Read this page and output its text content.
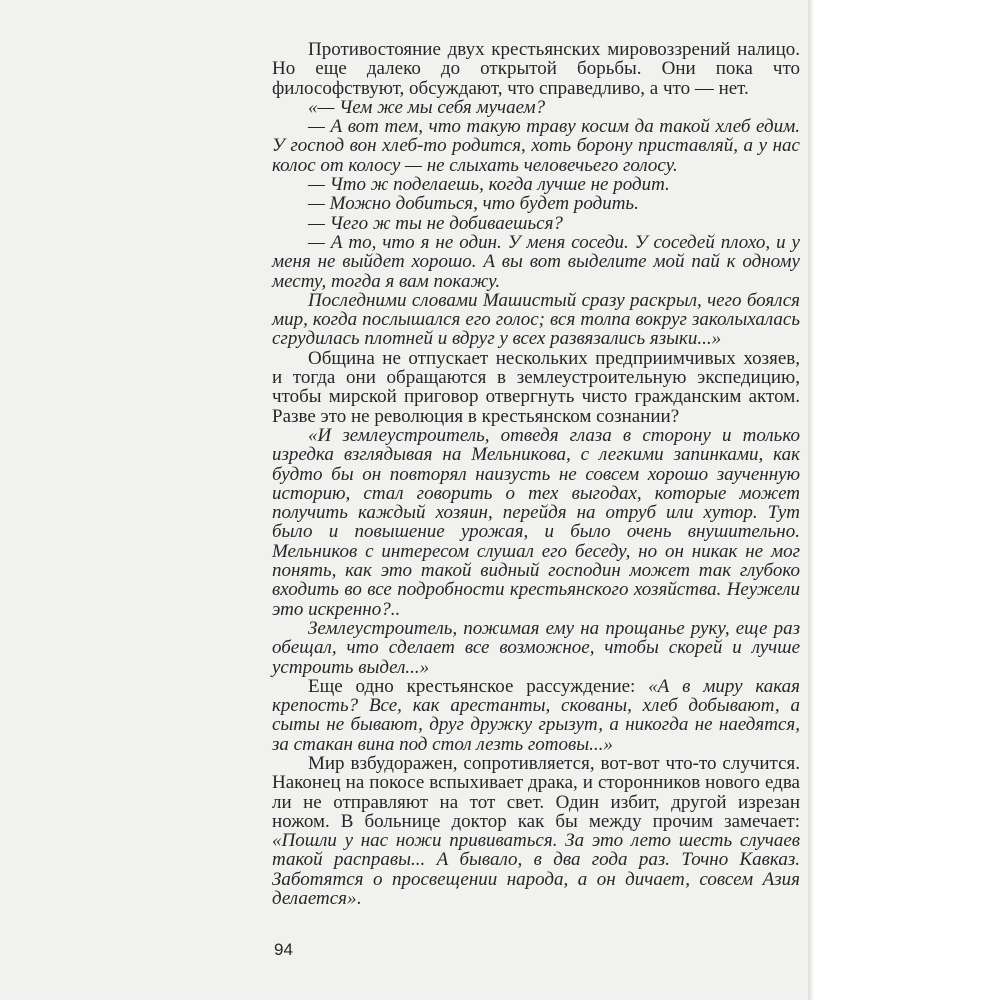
Противостояние двух крестьянских мировоззрений налицо. Но еще далеко до открытой борьбы. Они пока что философствуют, обсуждают, что справедливо, а что — нет.

«— Чем же мы себя мучаем?

— А вот тем, что такую траву косим да такой хлеб едим. У господ вон хлеб-то родится, хоть борону приставляй, а у нас колос от колосу — не слыхать человечьего голосу.

— Что ж поделаешь, когда лучше не родит.

— Можно добиться, что будет родить.

— Чего ж ты не добиваешься?

— А то, что я не один. У меня соседи. У соседей плохо, и у меня не выйдет хорошо. А вы вот выделите мой пай к одному месту, тогда я вам покажу.

Последними словами Машистый сразу раскрыл, чего боялся мир, когда послышался его голос; вся толпа вокруг заколыхалась сгрудилась плотней и вдруг у всех развязались языки...»

Община не отпускает нескольких предприимчивых хозяев, и тогда они обращаются в землеустроительную экспедицию, чтобы мирской приговор отвергнуть чисто гражданским актом. Разве это не революция в крестьянском сознании?

«И землеустроитель, отведя глаза в сторону и только изредка взглядывая на Мельникова, с легкими запинками, как будто бы он повторял наизусть не совсем хорошо заученную историю, стал говорить о тех выгодах, которые может получить каждый хозяин, перейдя на отруб или хутор. Тут было и повышение урожая, и было очень внушительно. Мельников с интересом слушал его беседу, но он никак не мог понять, как это такой видный господин может так глубоко входить во все подробности крестьянского хозяйства. Неужели это искренно?..

Землеустроитель, пожимая ему на прощанье руку, еще раз обещал, что сделает все возможное, чтобы скорей и лучше устроить выдел...»

Еще одно крестьянское рассуждение: «А в миру какая крепость? Все, как арестанты, скованы, хлеб добывают, а сыты не бывают, друг дружку грызут, а никогда не наедятся, за стакан вина под стол лезть готовы...»

Мир взбудоражен, сопротивляется, вот-вот что-то случится. Наконец на покосе вспыхивает драка, и сторонников нового едва ли не отправляют на тот свет. Один избит, другой изрезан ножом. В больнице доктор как бы между прочим замечает: «Пошли у нас ножи прививаться. За это лето шесть случаев такой расправы... А бывало, в два года раз. Точно Кавказ. Заботятся о просвещении народа, а он дичает, совсем Азия делается».

94
